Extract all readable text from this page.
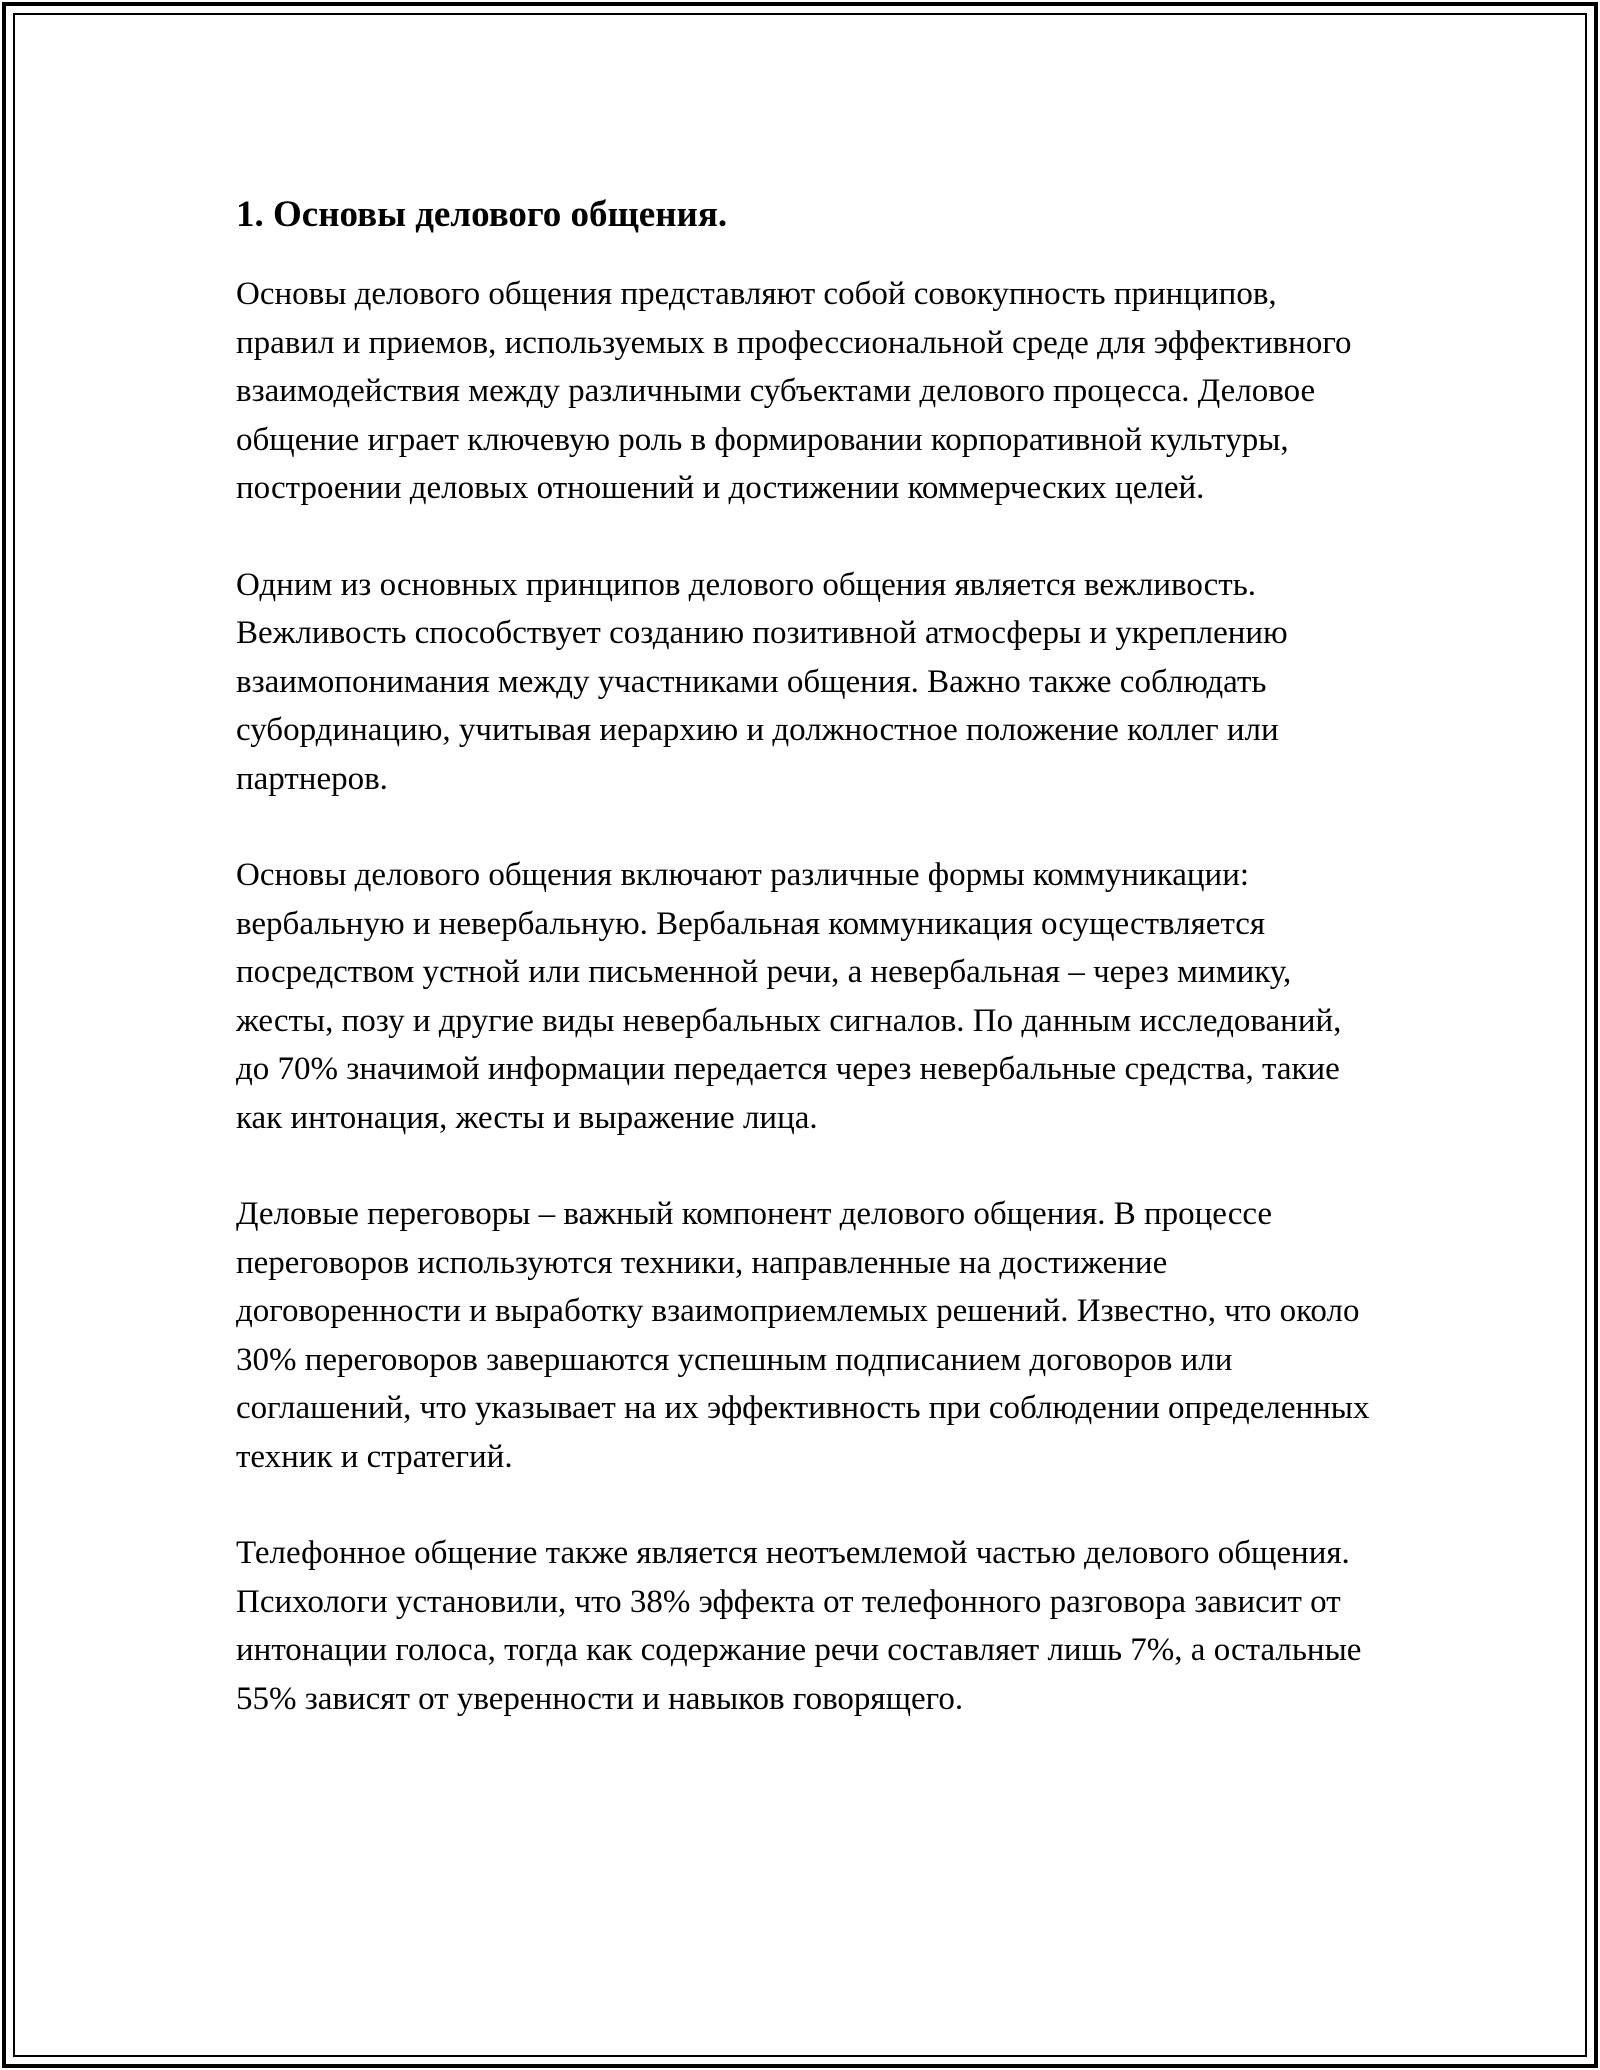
1. Основы делового общения.

Основы делового общения представляют собой совокупность принципов, правил и приемов, используемых в профессиональной среде для эффективного взаимодействия между различными субъектами делового процесса. Деловое общение играет ключевую роль в формировании корпоративной культуры, построении деловых отношений и достижении коммерческих целей.

Одним из основных принципов делового общения является вежливость. Вежливость способствует созданию позитивной атмосферы и укреплению взаимопонимания между участниками общения. Важно также соблюдать субординацию, учитывая иерархию и должностное положение коллег или партнеров.

Основы делового общения включают различные формы коммуникации: вербальную и невербальную. Вербальная коммуникация осуществляется посредством устной или письменной речи, а невербальная – через мимику, жесты, позу и другие виды невербальных сигналов. По данным исследований, до 70% значимой информации передается через невербальные средства, такие как интонация, жесты и выражение лица.

Деловые переговоры – важный компонент делового общения. В процессе переговоров используются техники, направленные на достижение договоренности и выработку взаимоприемлемых решений. Известно, что около 30% переговоров завершаются успешным подписанием договоров или соглашений, что указывает на их эффективность при соблюдении определенных техник и стратегий.

Телефонное общение также является неотъемлемой частью делового общения. Психологи установили, что 38% эффекта от телефонного разговора зависит от интонации голоса, тогда как содержание речи составляет лишь 7%, а остальные 55% зависят от уверенности и навыков говорящего.
